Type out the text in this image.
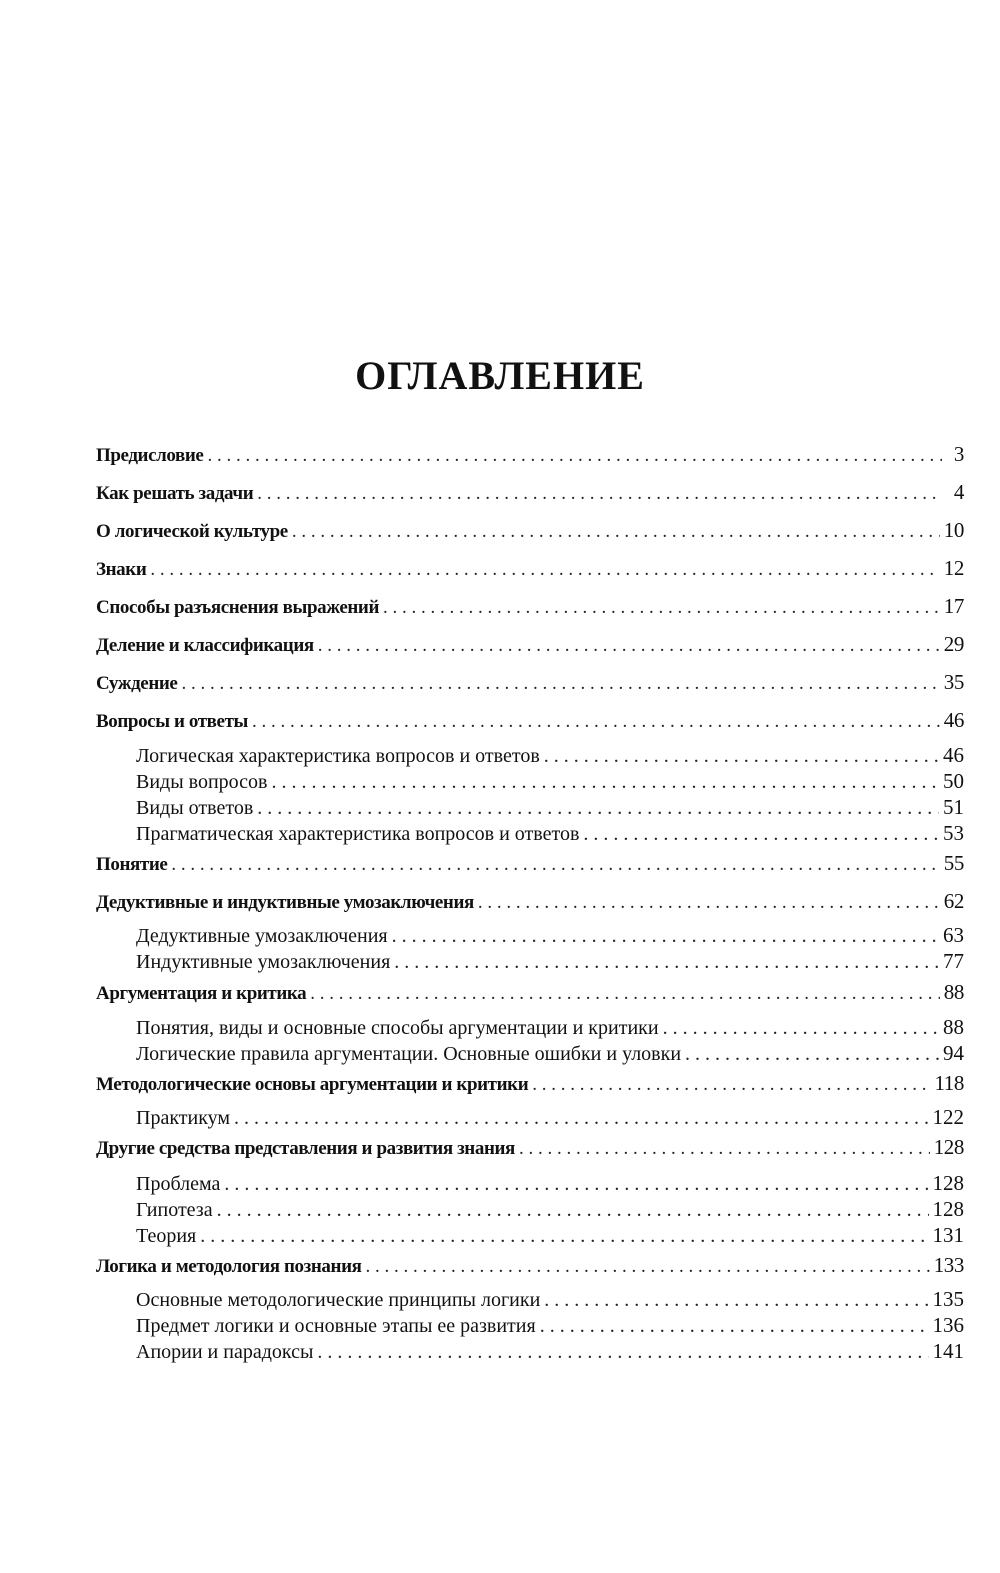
ОГЛАВЛЕНИЕ
Предисловие . . .	3
Как решать задачи . . .	4
О логической культуре . . .	10
Знаки . . .	12
Способы разъяснения выражений . . .	17
Деление и классификация . . .	29
Суждение . . .	35
Вопросы и ответы . . .	46
Логическая характеристика вопросов и ответов . . .	46
Виды вопросов . . .	50
Виды ответов . . .	51
Прагматическая характеристика вопросов и ответов . . .	53
Понятие . . .	55
Дедуктивные и индуктивные умозаключения . . .	62
Дедуктивные умозаключения . . .	63
Индуктивные умозаключения . . .	77
Аргументация и критика . . .	88
Понятия, виды и основные способы аргументации и критики . . .	88
Логические правила аргументации. Основные ошибки и уловки . . .	94
Методологические основы аргументации и критики . . .	118
Практикум . . .	122
Другие средства представления и развития знания . . .	128
Проблема . . .	128
Гипотеза . . .	128
Теория . . .	131
Логика и методология познания . . .	133
Основные методологические принципы логики . . .	135
Предмет логики и основные этапы ее развития . . .	136
Апории и парадоксы . . .	141
